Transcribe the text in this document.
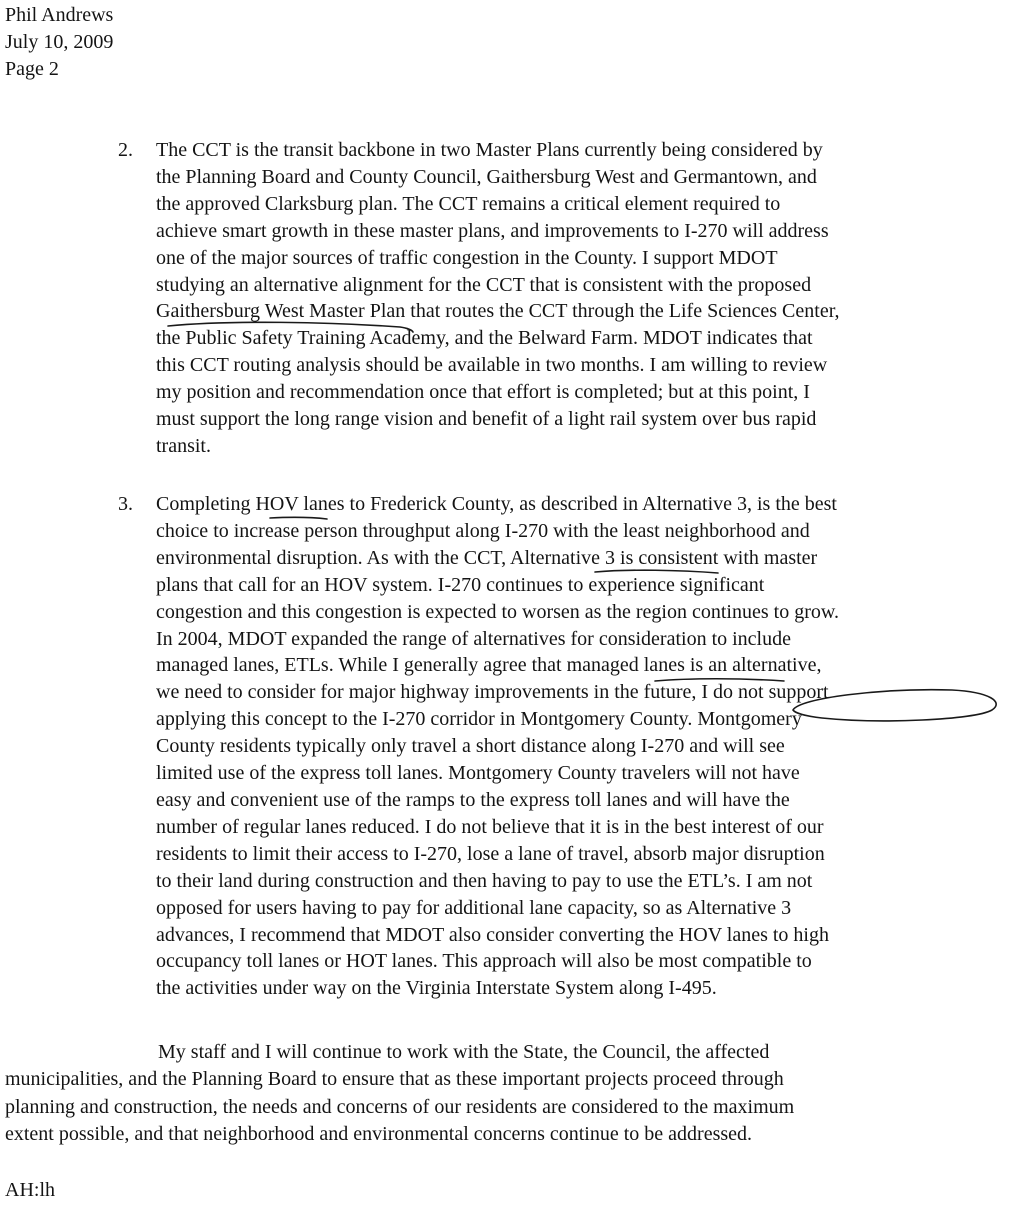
Phil Andrews
July 10, 2009
Page 2
2. The CCT is the transit backbone in two Master Plans currently being considered by
the Planning Board and County Council, Gaithersburg West and Germantown, and
the approved Clarksburg plan. The CCT remains a critical element required to
achieve smart growth in these master plans, and improvements to I-270 will address
one of the major sources of traffic congestion in the County. I support MDOT
studying an alternative alignment for the CCT that is consistent with the proposed
Gaithersburg West Master Plan that routes the CCT through the Life Sciences Center,
the Public Safety Training Academy, and the Belward Farm. MDOT indicates that
this CCT routing analysis should be available in two months. I am willing to review
my position and recommendation once that effort is completed; but at this point, I
must support the long range vision and benefit of a light rail system over bus rapid
transit.
3. Completing HOV lanes to Frederick County, as described in Alternative 3, is the best
choice to increase person throughput along I-270 with the least neighborhood and
environmental disruption. As with the CCT, Alternative 3 is consistent with master
plans that call for an HOV system. I-270 continues to experience significant
congestion and this congestion is expected to worsen as the region continues to grow.
In 2004, MDOT expanded the range of alternatives for consideration to include
managed lanes, ETLs. While I generally agree that managed lanes is an alternative,
we need to consider for major highway improvements in the future, I do not support
applying this concept to the I-270 corridor in Montgomery County. Montgomery
County residents typically only travel a short distance along I-270 and will see
limited use of the express toll lanes. Montgomery County travelers will not have
easy and convenient use of the ramps to the express toll lanes and will have the
number of regular lanes reduced. I do not believe that it is in the best interest of our
residents to limit their access to I-270, lose a lane of travel, absorb major disruption
to their land during construction and then having to pay to use the ETL’s. I am not
opposed for users having to pay for additional lane capacity, so as Alternative 3
advances, I recommend that MDOT also consider converting the HOV lanes to high
occupancy toll lanes or HOT lanes. This approach will also be most compatible to
the activities under way on the Virginia Interstate System along I-495.
My staff and I will continue to work with the State, the Council, the affected
municipalities, and the Planning Board to ensure that as these important projects proceed through
planning and construction, the needs and concerns of our residents are considered to the maximum
extent possible, and that neighborhood and environmental concerns continue to be addressed.
AH:lh
